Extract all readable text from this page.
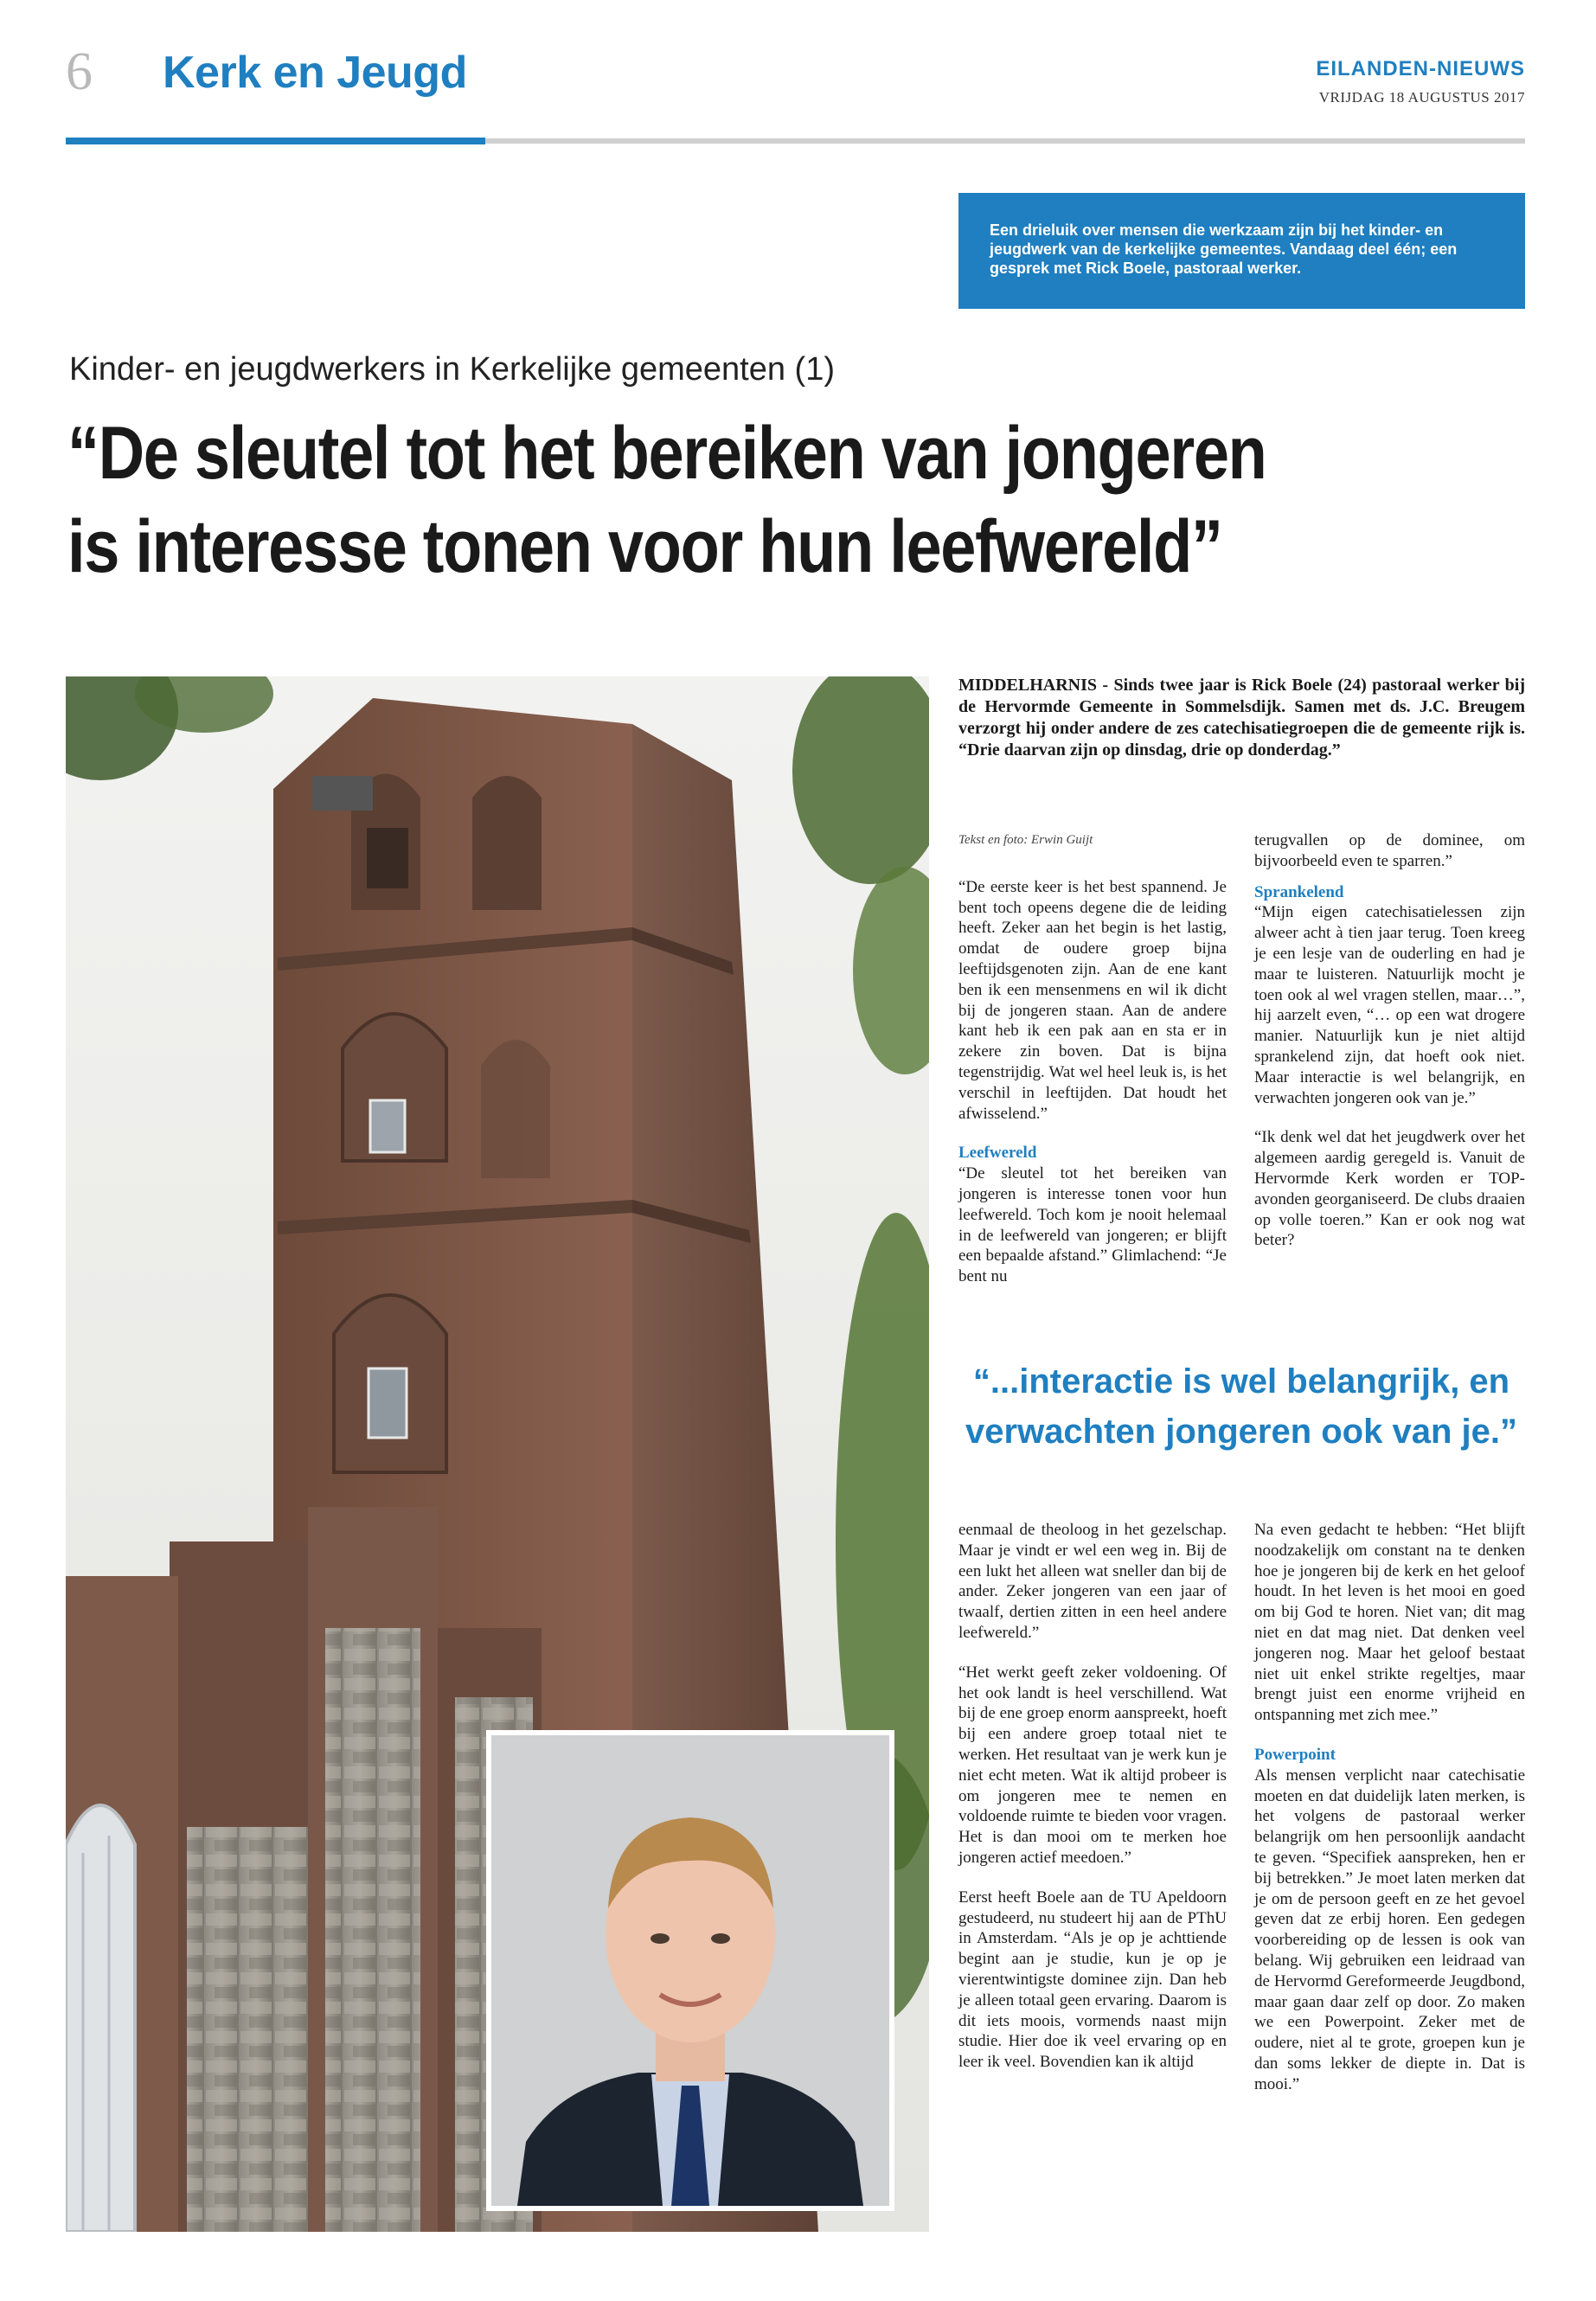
6 Kerk en Jeugd	EILANDEN-NIEUWS
VRIJDAG 18 AUGUSTUS 2017
Een drieluik over mensen die werkzaam zijn bij het kinder- en jeugdwerk van de kerkelijke gemeentes. Vandaag deel één; een gesprek met Rick Boele, pastoraal werker.
Kinder- en jeugdwerkers in Kerkelijke gemeenten (1)
“De sleutel tot het bereiken van jongeren
is interesse tonen voor hun leefwereld”
MIDDELHARNIS - Sinds twee jaar is Rick Boele (24) pastoraal werker bij de Hervormde Gemeente in Sommelsdijk. Samen met ds. J.C. Breugem verzorgt hij onder andere de zes catechisatiegroepen die de gemeente rijk is. “Drie daarvan zijn op dinsdag, drie op donderdag.”

Tekst en foto: Erwin Guijt

“De eerste keer is het best spannend. Je bent toch opeens degene die de leiding heeft. Zeker aan het begin is het lastig, omdat de oudere groep bijna leeftijdsgenoten zijn. Aan de ene kant ben ik een mensenmens en wil ik dicht bij de jongeren staan. Aan de andere kant heb ik een pak aan en sta er in zekere zin boven. Dat is bijna tegenstrijdig. Wat wel heel leuk is, is het verschil in leeftijden. Dat houdt het afwisselend.”

Leefwereld

“De sleutel tot het bereiken van jongeren is interesse tonen voor hun leefwereld. Toch kom je nooit helemaal in de leefwereld van jongeren; er blijft een bepaalde afstand.” Glimlachend: “Je bent nu

terugvallen op de dominee, om bijvoorbeeld even te sparren.”

Sprankelend

“Mijn eigen catechisatielessen zijn alweer acht à tien jaar terug. Toen kreeg je een lesje van de ouderling en had je maar te luisteren. Natuurlijk mocht je toen ook al wel vragen stellen, maar…”, hij aarzelt even, “… op een wat drogere manier. Natuurlijk kun je niet altijd sprankelend zijn, dat hoeft ook niet. Maar interactie is wel belangrijk, en verwachten jongeren ook van je.”

“Ik denk wel dat het jeugdwerk over het algemeen aardig geregeld is. Vanuit de Hervormde Kerk worden er TOP-avonden georganiseerd. De clubs draaien op volle toeren.” Kan er ook nog wat beter?

“...interactie is wel belangrijk, en verwachten jongeren ook van je.”

eenmaal de theoloog in het gezelschap. Maar je vindt er wel een weg in. Bij de een lukt het alleen wat sneller dan bij de ander. Zeker jongeren van een jaar of twaalf, dertien zitten in een heel andere leefwereld.”

“Het werkt geeft zeker voldoening. Of het ook landt is heel verschillend. Wat bij de ene groep enorm aanspreekt, hoeft bij een andere groep totaal niet te werken. Het resultaat van je werk kun je niet echt meten. Wat ik altijd probeer is om jongeren mee te nemen en voldoende ruimte te bieden voor vragen. Het is dan mooi om te merken hoe jongeren actief meedoen.”

Eerst heeft Boele aan de TU Apeldoorn gestudeerd, nu studeert hij aan de PThU in Amsterdam. “Als je op je achttiende begint aan je studie, kun je op je vierentwintigste dominee zijn. Dan heb je alleen totaal geen ervaring. Daarom is dit iets moois, vormends naast mijn studie. Hier doe ik veel ervaring op en leer ik veel. Bovendien kan ik altijd

Na even gedacht te hebben: “Het blijft noodzakelijk om constant na te denken hoe je jongeren bij de kerk en het geloof houdt. In het leven is het mooi en goed om bij God te horen. Niet van; dit mag niet en dat mag niet. Dat denken veel jongeren nog. Maar het geloof bestaat niet uit enkel strikte regeltjes, maar brengt juist een enorme vrijheid en ontspanning met zich mee.”

Powerpoint

Als mensen verplicht naar catechisatie moeten en dat duidelijk laten merken, is het volgens de pastoraal werker belangrijk om hen persoonlijk aandacht te geven. “Specifiek aanspreken, hen er bij betrekken.” Je moet laten merken dat je om de persoon geeft en ze het gevoel geven dat ze erbij horen. Een gedegen voorbereiding op de lessen is ook van belang. Wij gebruiken een leidraad van de Hervormd Gereformeerde Jeugdbond, maar gaan daar zelf op door. Zo maken we een Powerpoint. Zeker met de oudere, niet al te grote, groepen kun je dan soms lekker de diepte in. Dat is mooi.”
